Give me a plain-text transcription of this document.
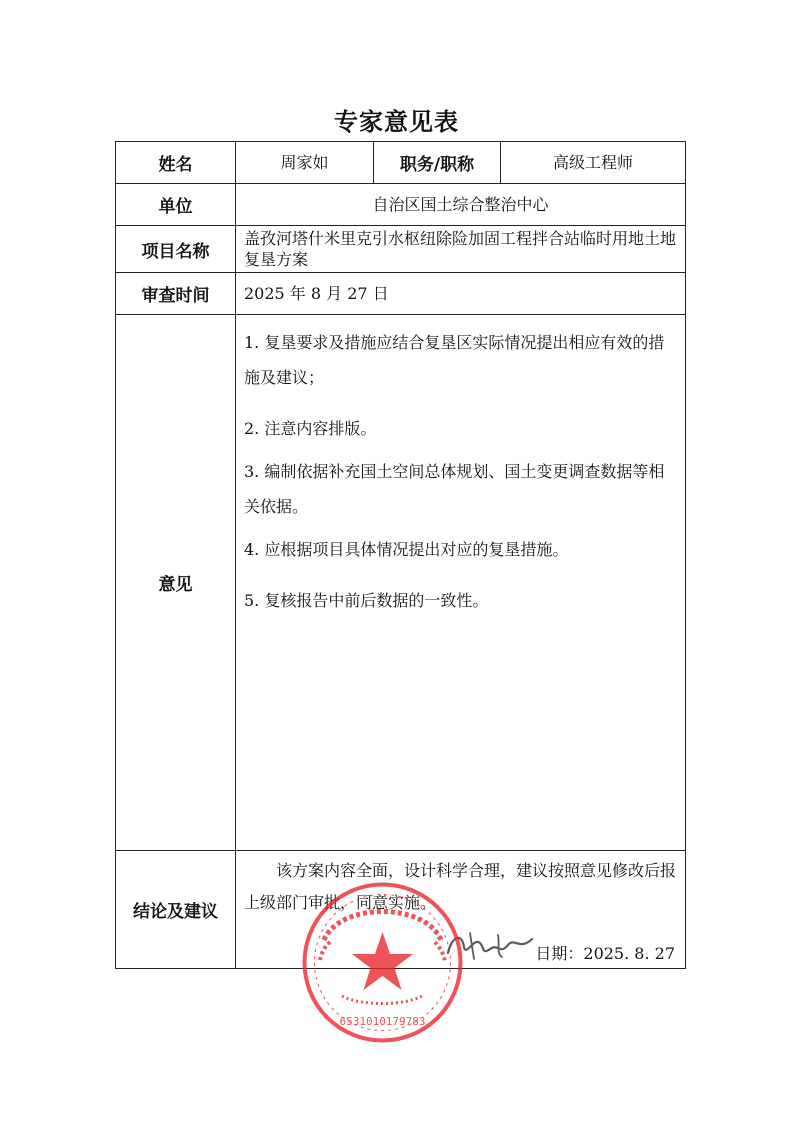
专家意见表
姓名	周家如	职务/职称	高级工程师
单位	自治区国土综合整治中心		
项目名称	盖孜河塔什米里克引水枢纽除险加固工程拌合站临时用地土地复垦方案		
审查时间	2025 年 8 月 27 日		
意见	1. 复垦要求及措施应结合复垦区实际情况提出相应有效的措施及建议；

2. 注意内容排版。

3. 编制依据补充国土空间总体规划、国土变更调查数据等相关依据。

4. 应根据项目具体情况提出对应的复垦措施。

5. 复核报告中前后数据的一致性。		

结论及建议	该方案内容全面，设计科学合理，建议按照意见修改后报上级部门审批，同意实施。

日期：2025. 8. 27		
6531010179783
